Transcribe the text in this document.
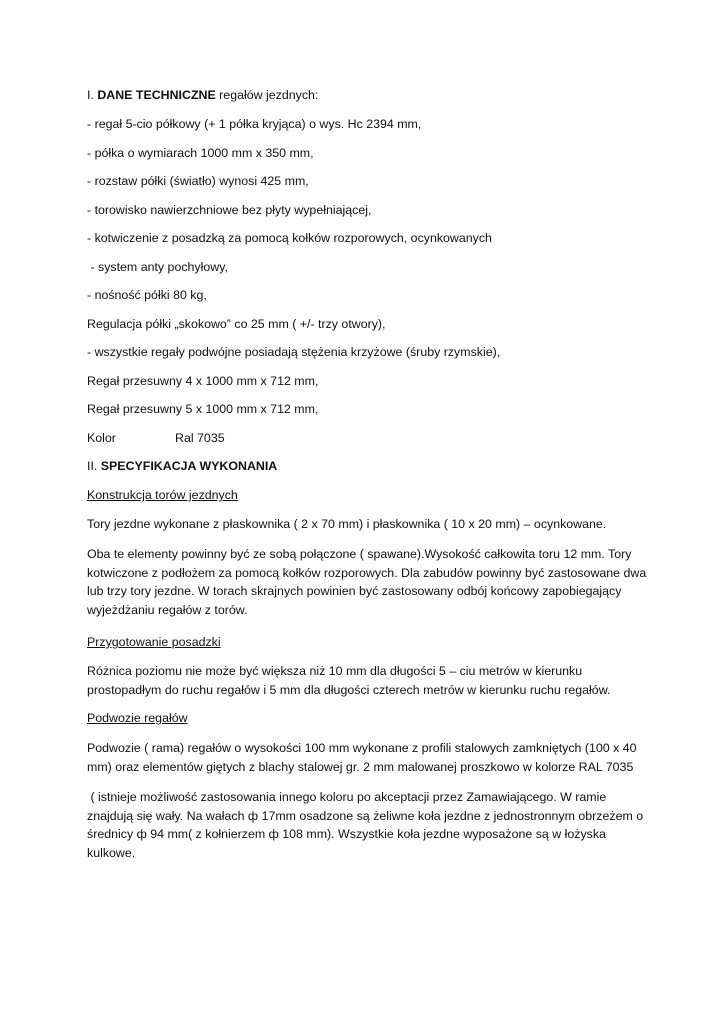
I. DANE TECHNICZNE regałów jezdnych:
- regał 5-cio półkowy (+ 1 półka kryjąca) o wys. Hc 2394 mm,
- półka o wymiarach 1000 mm x 350 mm,
- rozstaw półki (światło) wynosi 425 mm,
- torowisko nawierzchniowe bez płyty wypełniającej,
- kotwiczenie z posadzką za pomocą kołków rozporowych, ocynkowanych
- system anty pochyłowy,
- nośność półki 80 kg,
Regulacja półki „skokowo” co 25 mm ( +/- trzy otwory),
- wszystkie regały podwójne posiadają stężenia krzyżowe (śruby rzymskie),
Regał przesuwny 4 x 1000 mm x 712 mm,
Regał przesuwny 5 x 1000 mm x 712 mm,
Kolor	Ral 7035
II. SPECYFIKACJA WYKONANIA
Konstrukcja torów jezdnych
Tory jezdne wykonane z płaskownika ( 2 x 70 mm) i płaskownika ( 10 x 20 mm) – ocynkowane.
Oba te elementy powinny być ze sobą połączone ( spawane).Wysokość całkowita toru 12 mm. Tory kotwiczone z podłożem za pomocą kołków rozporowych. Dla zabudów powinny być zastosowane dwa lub trzy tory jezdne. W torach skrajnych powinien być zastosowany odbój końcowy zapobiegający wyjeżdżaniu regałów z torów.
Przygotowanie posadzki
Różnica poziomu nie może być większa niż 10 mm dla długości 5 – ciu metrów w kierunku prostopadłym do ruchu regałów i 5 mm dla długości czterech metrów w kierunku ruchu regałów.
Podwozie regałów
Podwozie ( rama) regałów o wysokości 100 mm wykonane z profili stalowych zamkniętych (100 x 40 mm) oraz elementów giętych z blachy stalowej gr. 2 mm malowanej proszkowo w kolorze RAL 7035
( istnieje możliwość zastosowania innego koloru po akceptacji przez Zamawiającego. W ramie znajdują się wały. Na wałach ф 17mm osadzone są żeliwne koła jezdne z jednostronnym obrzeżem o średnicy ф 94 mm( z kołnierzem ф 108 mm). Wszystkie koła jezdne wyposażone są w łożyska kulkowe.
